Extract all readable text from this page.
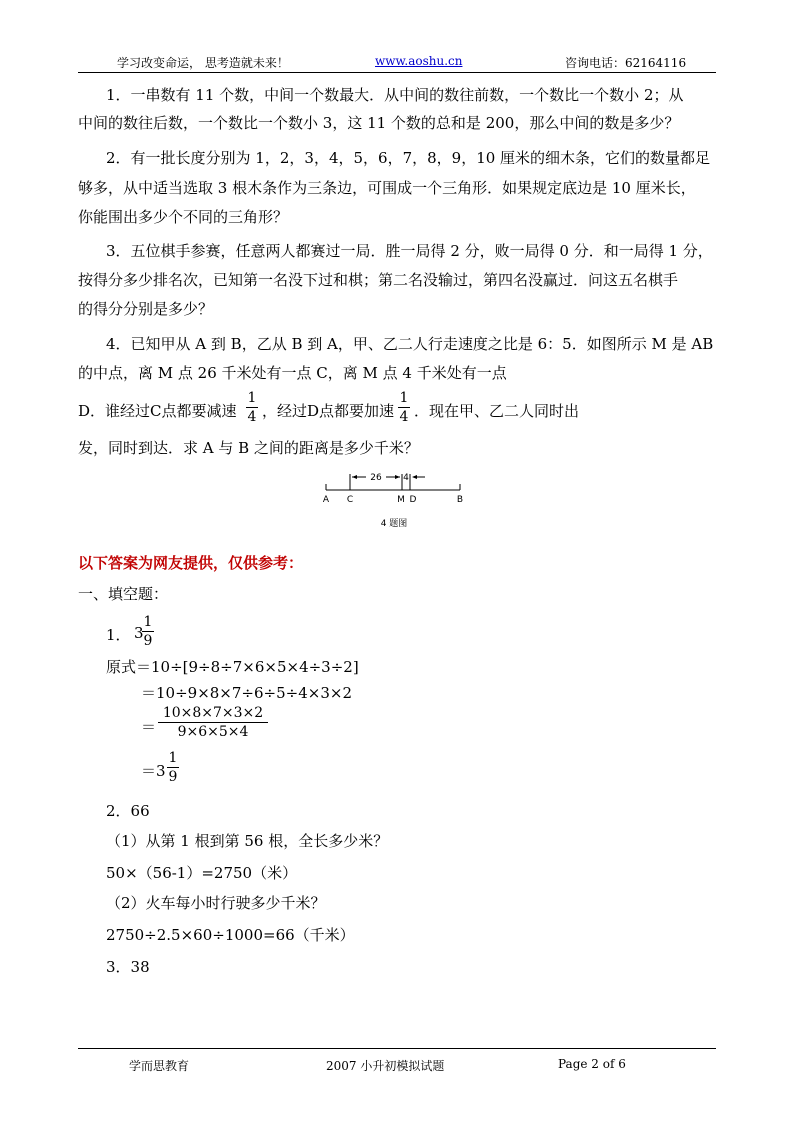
学习改变命运， 思考造就未来！	www.aoshu.cn	咨询电话：62164116
1．一串数有 11 个数，中间一个数最大．从中间的数往前数，一个数比一个数小 2；从
中间的数往后数，一个数比一个数小 3，这 11 个数的总和是 200，那么中间的数是多少？
2．有一批长度分别为 1，2，3，4，5，6，7，8，9，10 厘米的细木条，它们的数量都足
够多，从中适当选取 3 根木条作为三条边，可围成一个三角形．如果规定底边是 10 厘米长，
你能围出多少个不同的三角形？
3．五位棋手参赛，任意两人都赛过一局．胜一局得 2 分，败一局得 0 分．和一局得 1 分，
按得分多少排名次，已知第一名没下过和棋；第二名没输过，第四名没赢过．问这五名棋手
的得分分别是多少？
4．已知甲从 A 到 B，乙从 B 到 A，甲、乙二人行走速度之比是 6：5．如图所示 M 是 AB
的中点，离 M 点 26 千米处有一点 C，离 M 点 4 千米处有一点
D．谁经过C点都要减速
1
4 ，经过D点都要加速
1
4 ．现在甲、乙二人同时出
发，同时到达．求 A 与 B 之间的距离是多少千米？
26 4
A C	M D	B
4 题图
以下答案为网友提供，仅供参考：
一、填空题：
1． 3
1
9
原式＝10÷[9÷8÷7×6×5×4÷3÷2]
＝10÷9×8×7÷6÷5÷4×3×2
＝
10×8×7×3×2
9×6×5×4
＝3
1
9
2．66
（1）从第 1 根到第 56 根，全长多少米？
50×（56-1）=2750（米）
（2）火车每小时行驶多少千米？
2750÷2.5×60÷1000=66（千米）
3．38
学而思教育	2007 小升初模拟试题	Page 2 of 6
